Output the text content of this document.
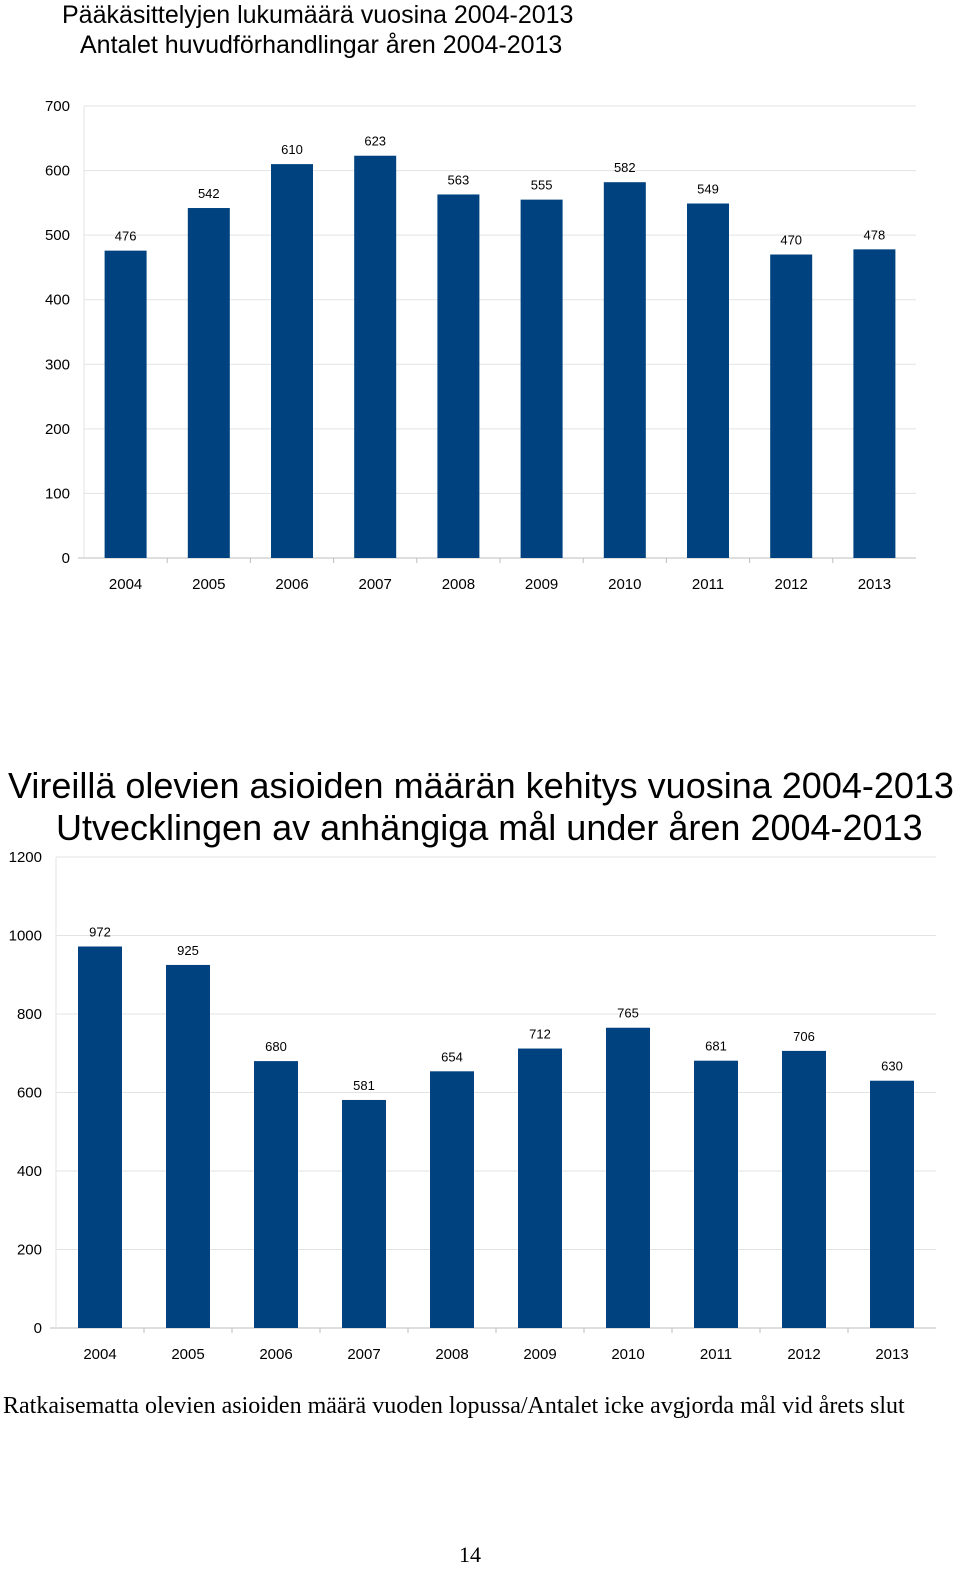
Pääkäsittelyjen lukumäärä vuosina 2004-2013
Antalet huvudförhandlingar åren 2004-2013
0
100
200
300
400
500
600
700
476
2004
542
2005
610
2006
623
2007
563
2008
555
2009
582
2010
549
2011
470
2012
478
2013
Vireillä olevien asioiden määrän kehitys vuosina 2004-2013
Utvecklingen av anhängiga mål under åren 2004-2013
0
200
400
600
800
1000
1200
972
2004
925
2005
680
2006
581
2007
654
2008
712
2009
765
2010
681
2011
706
2012
630
2013
Ratkaisematta olevien asioiden määrä vuoden lopussa/Antalet icke avgjorda mål vid årets slut
14
